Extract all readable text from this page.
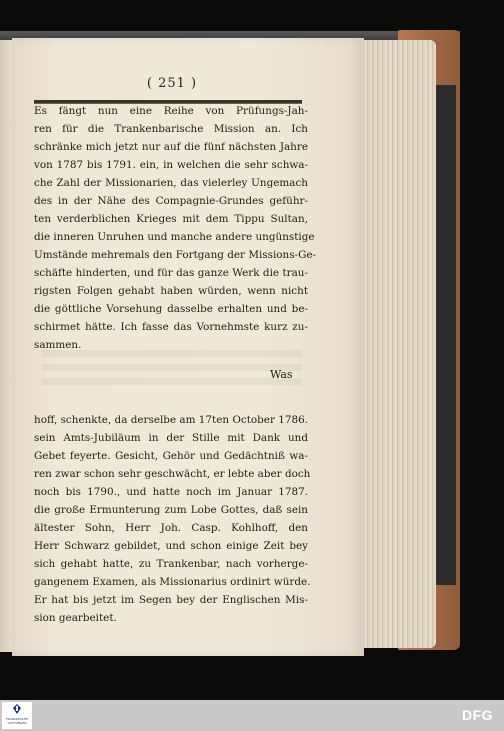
( 251 )
Es fängt nun eine Reihe von Prüfungs-Jah-
ren für die Trankenbarische Mission an. Ich
schränke mich jetzt nur auf die fünf nächsten Jahre
von 1787 bis 1791. ein, in welchen die sehr schwa-
che Zahl der Missionarien, das vielerley Ungemach
des in der Nähe des Compagnie-Grundes geführ-
ten verderblichen Krieges mit dem Tippu Sultan,
die inneren Unruhen und manche andere ungünstige
Umstände mehremals den Fortgang der Missions-Ge-
schäfte hinderten, und für das ganze Werk die trau-
rigsten Folgen gehabt haben würden, wenn nicht
die göttliche Vorsehung dasselbe erhalten und be-
schirmet hätte. Ich fasse das Vornehmste kurz zu-
sammen.
Was
hoff, schenkte, da derselbe am 17ten October 1786.
sein Amts-Jubiläum in der Stille mit Dank und
Gebet feyerte. Gesicht, Gehör und Gedächtniß wa-
ren zwar schon sehr geschwächt, er lebte aber doch
noch bis 1790., und hatte noch im Januar 1787.
die große Ermunterung zum Lobe Gottes, daß sein
ältester Sohn, Herr Joh. Casp. Kohlhoff, den
Herr Schwarz gebildet, und schon einige Zeit bey
sich gehabt hatte, zu Trankenbar, nach vorherge-
gangenem Examen, als Missionarius ordinirt würde.
Er hat bis jetzt im Segen bey der Englischen Mis-
sion gearbeitet.
FRANCKESCHE
STIFTUNGEN	DFG
